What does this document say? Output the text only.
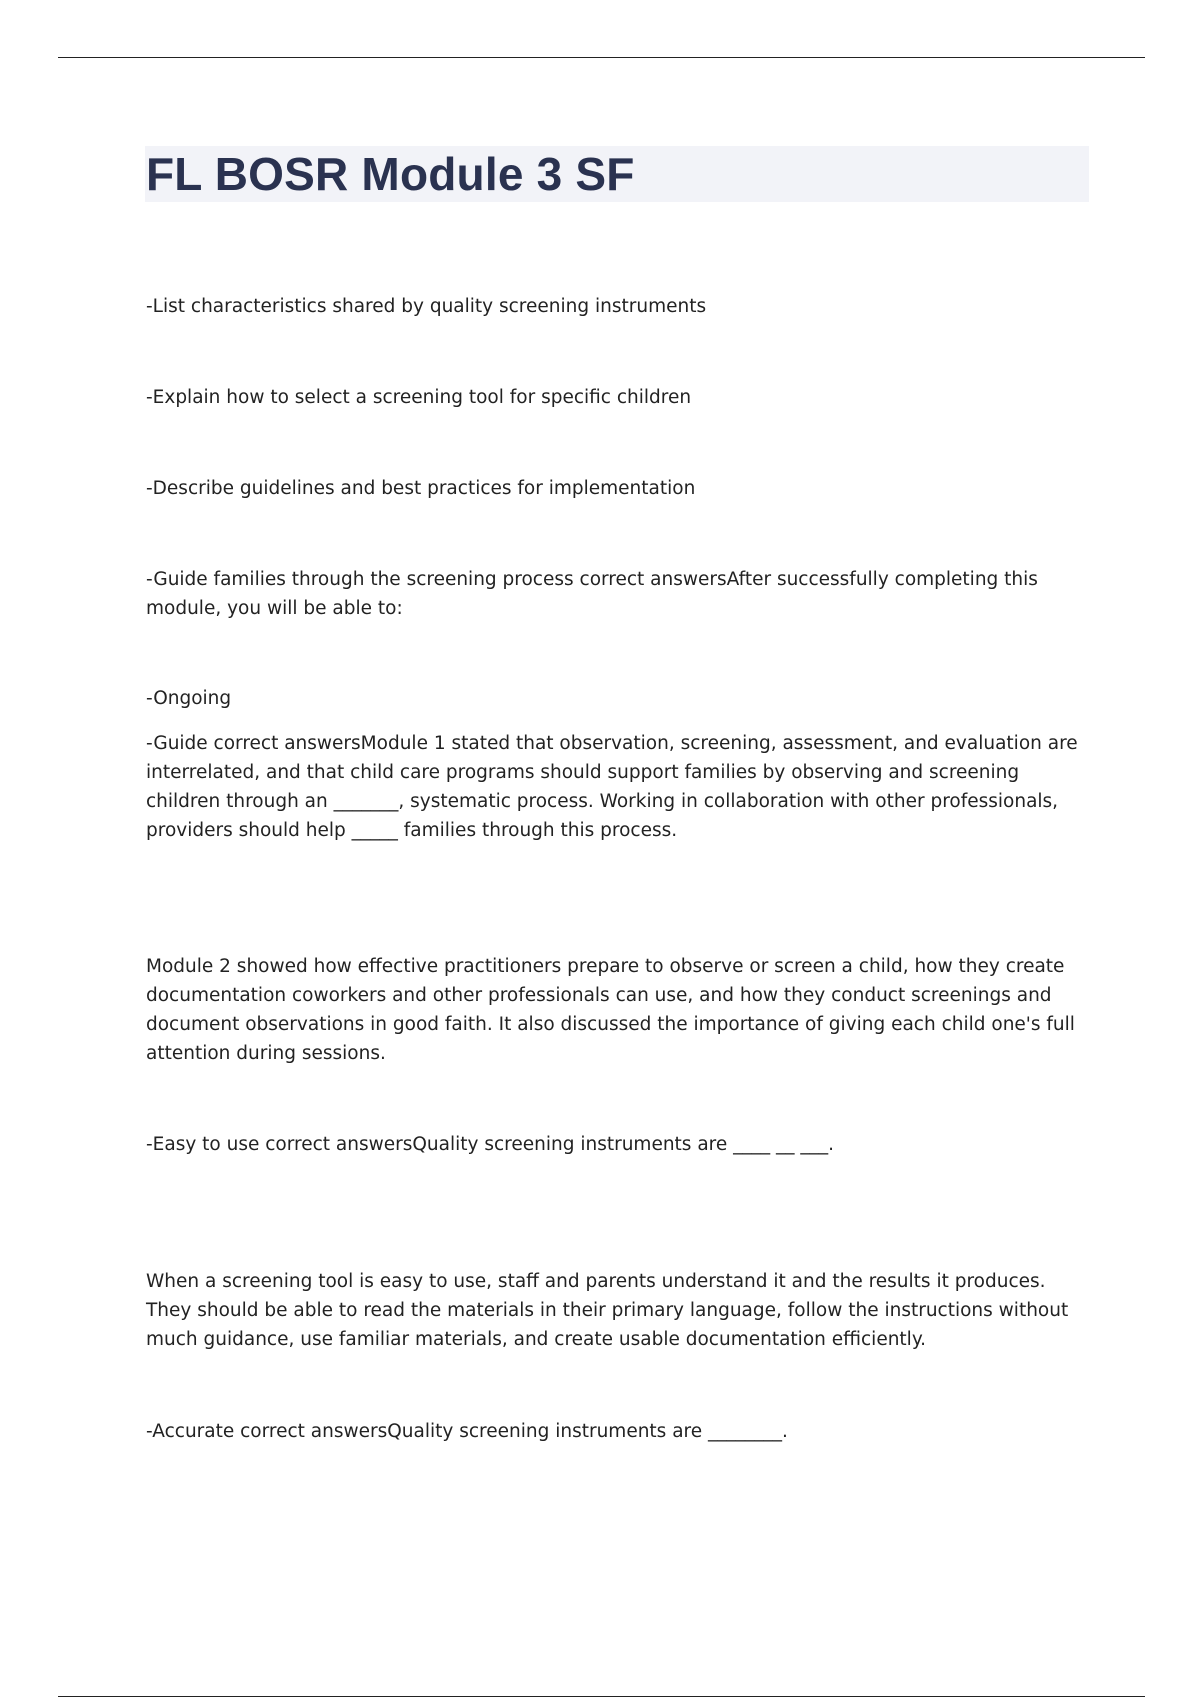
FL BOSR Module 3 SF

-List characteristics shared by quality screening instruments

-Explain how to select a screening tool for specific children

-Describe guidelines and best practices for implementation

-Guide families through the screening process correct answersAfter successfully completing this module, you will be able to:

-Ongoing

-Guide correct answersModule 1 stated that observation, screening, assessment, and evaluation are interrelated, and that child care programs should support families by observing and screening children through an _______, systematic process. Working in collaboration with other professionals, providers should help _____ families through this process.

Module 2 showed how effective practitioners prepare to observe or screen a child, how they create documentation coworkers and other professionals can use, and how they conduct screenings and document observations in good faith. It also discussed the importance of giving each child one's full attention during sessions.

-Easy to use correct answersQuality screening instruments are ____ __ ___.

When a screening tool is easy to use, staff and parents understand it and the results it produces. They should be able to read the materials in their primary language, follow the instructions without much guidance, use familiar materials, and create usable documentation efficiently.

-Accurate correct answersQuality screening instruments are ________.
